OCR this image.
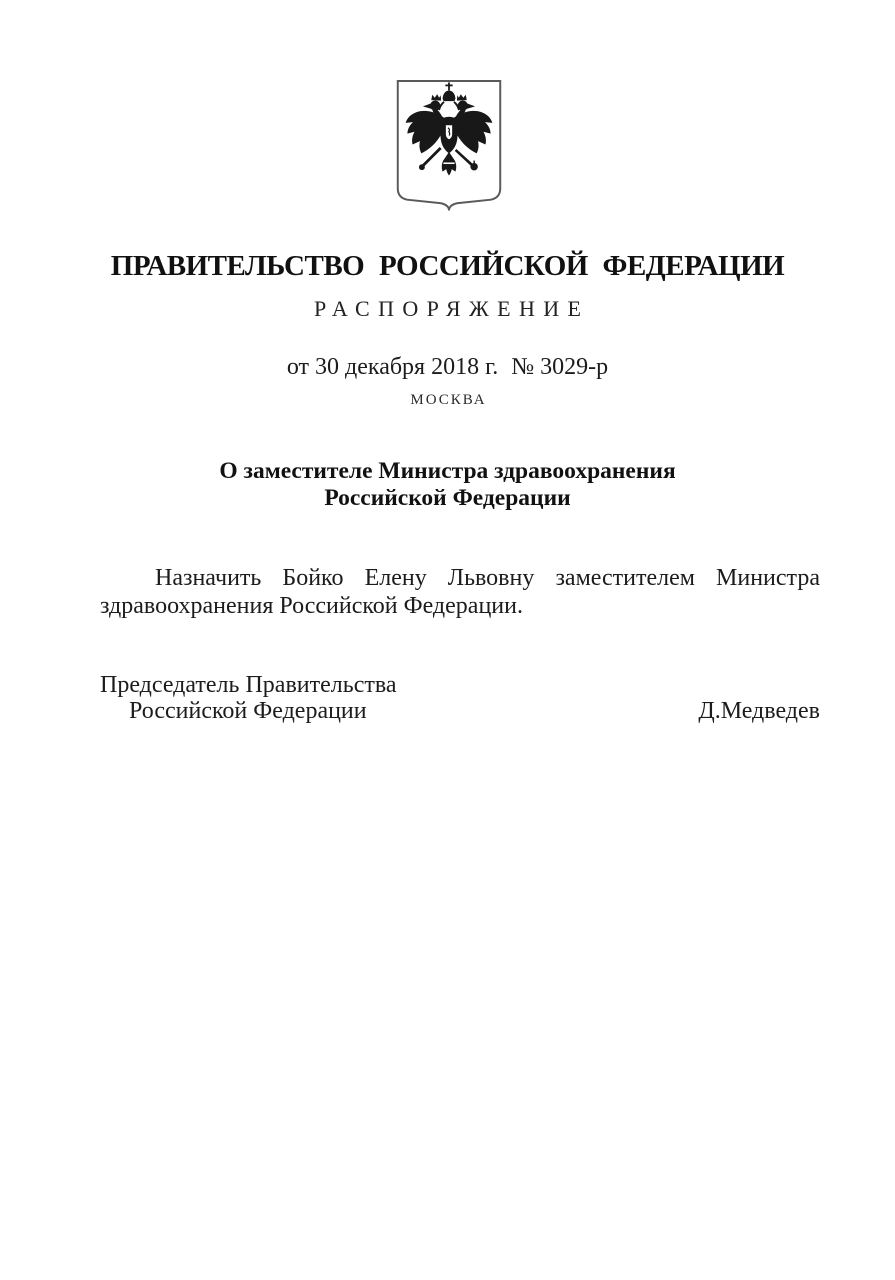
ПРАВИТЕЛЬСТВО РОССИЙСКОЙ ФЕДЕРАЦИИ
РАСПОРЯЖЕНИЕ
от 30 декабря 2018 г. № 3029-р
МОСКВА
О заместителе Министра здравоохранения
Российской Федерации
Назначить Бойко Елену Львовну заместителем Министра здравоохранения Российской Федерации.
Председатель Правительства
Российской Федерации	Д.Медведев
